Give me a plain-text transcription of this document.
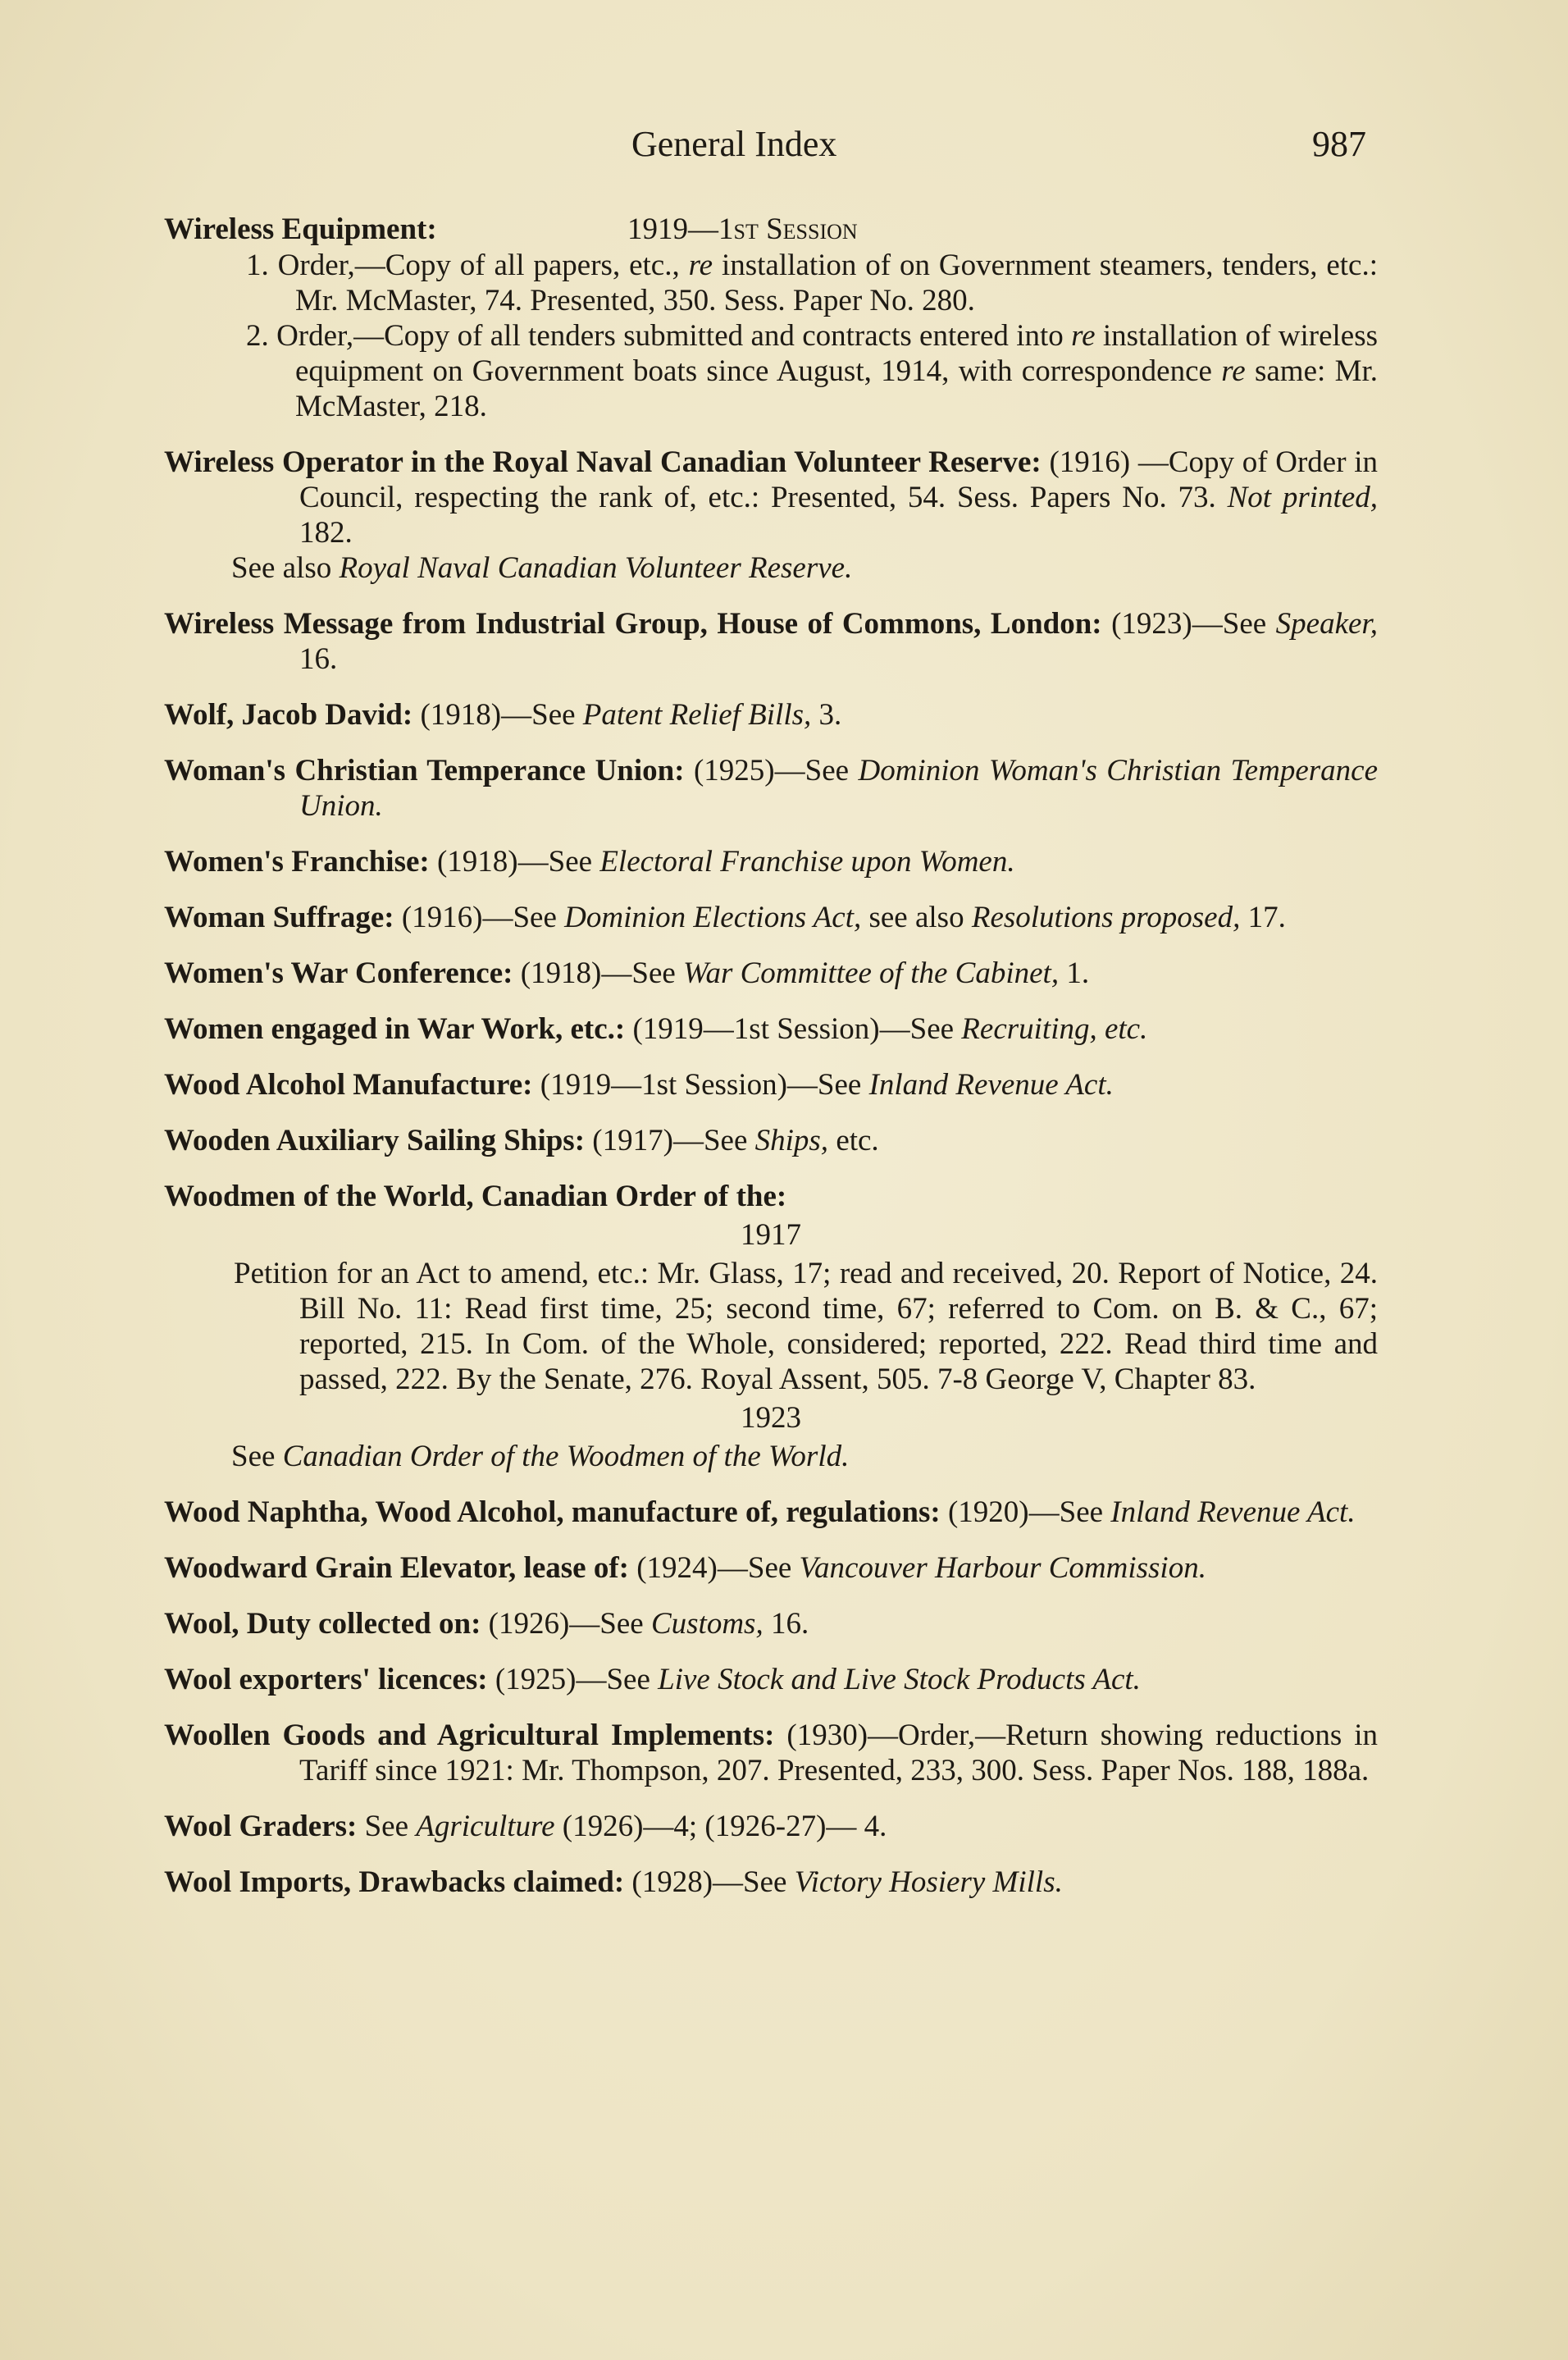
General Index	987
Wireless Equipment:	1919—1st Session
1. Order,—Copy of all papers, etc., re installation of on Government steamers, tenders, etc.: Mr. McMaster, 74. Presented, 350. Sess. Paper No. 280.
2. Order,—Copy of all tenders submitted and contracts entered into re installation of wireless equipment on Government boats since August, 1914, with correspondence re same: Mr. McMaster, 218.
Wireless Operator in the Royal Naval Canadian Volunteer Reserve: (1916) —Copy of Order in Council, respecting the rank of, etc.: Presented, 54. Sess. Papers No. 73. Not printed, 182.
See also Royal Naval Canadian Volunteer Reserve.
Wireless Message from Industrial Group, House of Commons, London: (1923)—See Speaker, 16.
Wolf, Jacob David: (1918)—See Patent Relief Bills, 3.
Woman's Christian Temperance Union: (1925)—See Dominion Woman's Christian Temperance Union.
Women's Franchise: (1918)—See Electoral Franchise upon Women.
Woman Suffrage: (1916)—See Dominion Elections Act, see also Resolutions proposed, 17.
Women's War Conference: (1918)—See War Committee of the Cabinet, 1.
Women engaged in War Work, etc.: (1919—1st Session)—See Recruiting, etc.
Wood Alcohol Manufacture: (1919—1st Session)—See Inland Revenue Act.
Wooden Auxiliary Sailing Ships: (1917)—See Ships, etc.
Woodmen of the World, Canadian Order of the:
1917
Petition for an Act to amend, etc.: Mr. Glass, 17; read and received, 20. Report of Notice, 24. Bill No. 11: Read first time, 25; second time, 67; referred to Com. on B. & C., 67; reported, 215. In Com. of the Whole, considered; reported, 222. Read third time and passed, 222. By the Senate, 276. Royal Assent, 505. 7-8 George V, Chapter 83.
1923
See Canadian Order of the Woodmen of the World.
Wood Naphtha, Wood Alcohol, manufacture of, regulations: (1920)—See Inland Revenue Act.
Woodward Grain Elevator, lease of: (1924)—See Vancouver Harbour Commission.
Wool, Duty collected on: (1926)—See Customs, 16.
Wool exporters' licences: (1925)—See Live Stock and Live Stock Products Act.
Woollen Goods and Agricultural Implements: (1930)—Order,—Return showing reductions in Tariff since 1921: Mr. Thompson, 207. Presented, 233, 300. Sess. Paper Nos. 188, 188a.
Wool Graders: See Agriculture (1926)—4; (1926-27)— 4.
Wool Imports, Drawbacks claimed: (1928)—See Victory Hosiery Mills.
